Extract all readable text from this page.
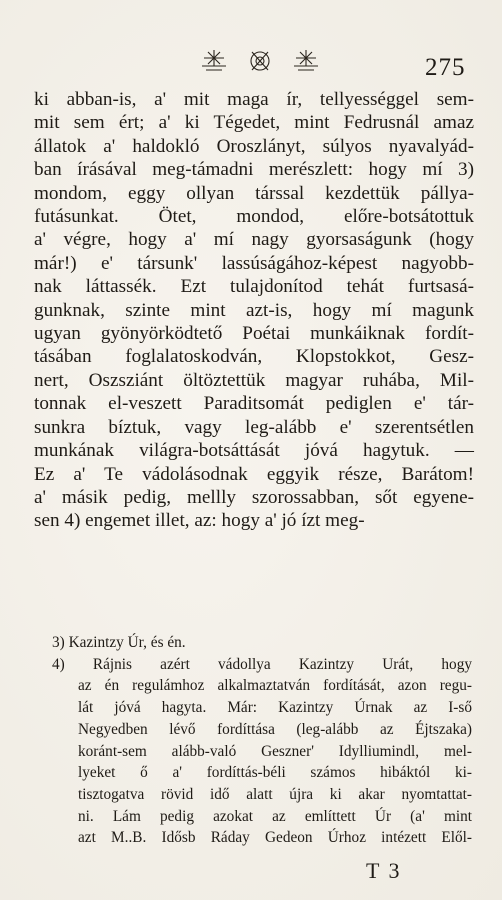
275
ki abban-is, a' mit maga ír, tellyességgel sem-
mit sem ért; a' ki Tégedet, mint Fedrusnál amaz
állatok a' haldokló Oroszlányt, súlyos nyavalyád-
ban írásával meg-támadni merészlett: hogy mí 3)
mondom, eggy ollyan társsal kezdettük pállya-
futásunkat. Ötet, mondod, előre-botsátottuk
a' végre, hogy a' mí nagy gyorsaságunk (hogy
már!) e' társunk' lassúságához-képest nagyobb-
nak láttassék. Ezt tulajdonítod tehát furtsasá-
gunknak, szinte mint azt-is, hogy mí magunk
ugyan gyönyörködtető Poétai munkáiknak fordít-
tásában foglalatoskodván, Klopstokkot, Gesz-
nert, Oszsziánt öltöztettük magyar ruhába, Mil-
tonnak el-veszett Paraditsomát pediglen e' tár-
sunkra bíztuk, vagy leg-alább e' szerentsétlen
munkának világra-botsáttását jóvá hagytuk. —
Ez a' Te vádolásodnak eggyik része, Barátom!
a' másik pedig, mellly szorossabban, sőt egyene-
sen 4) engemet illet, az: hogy a' jó ízt meg-
3) Kazintzy Úr, és én.
4) Rájnis azért vádollya Kazintzy Urát, hogy
az én regulámhoz alkalmaztatván fordítását, azon regu-
lát jóvá hagyta. Már: Kazintzy Úrnak az I-ső
Negyedben lévő fordíttása (leg-alább az Éjtszaka)
koránt-sem alább-való Geszner' Idylliumindl, mel-
lyeket ő a' fordíttás-béli számos hibáktól ki-
tisztogatva rövid idő alatt újra ki akar nyomtattat-
ni. Lám pedig azokat az említtett Úr (a' mint
azt M..B. Idősb Ráday Gedeon Úrhoz intézett Elől-
T 3
